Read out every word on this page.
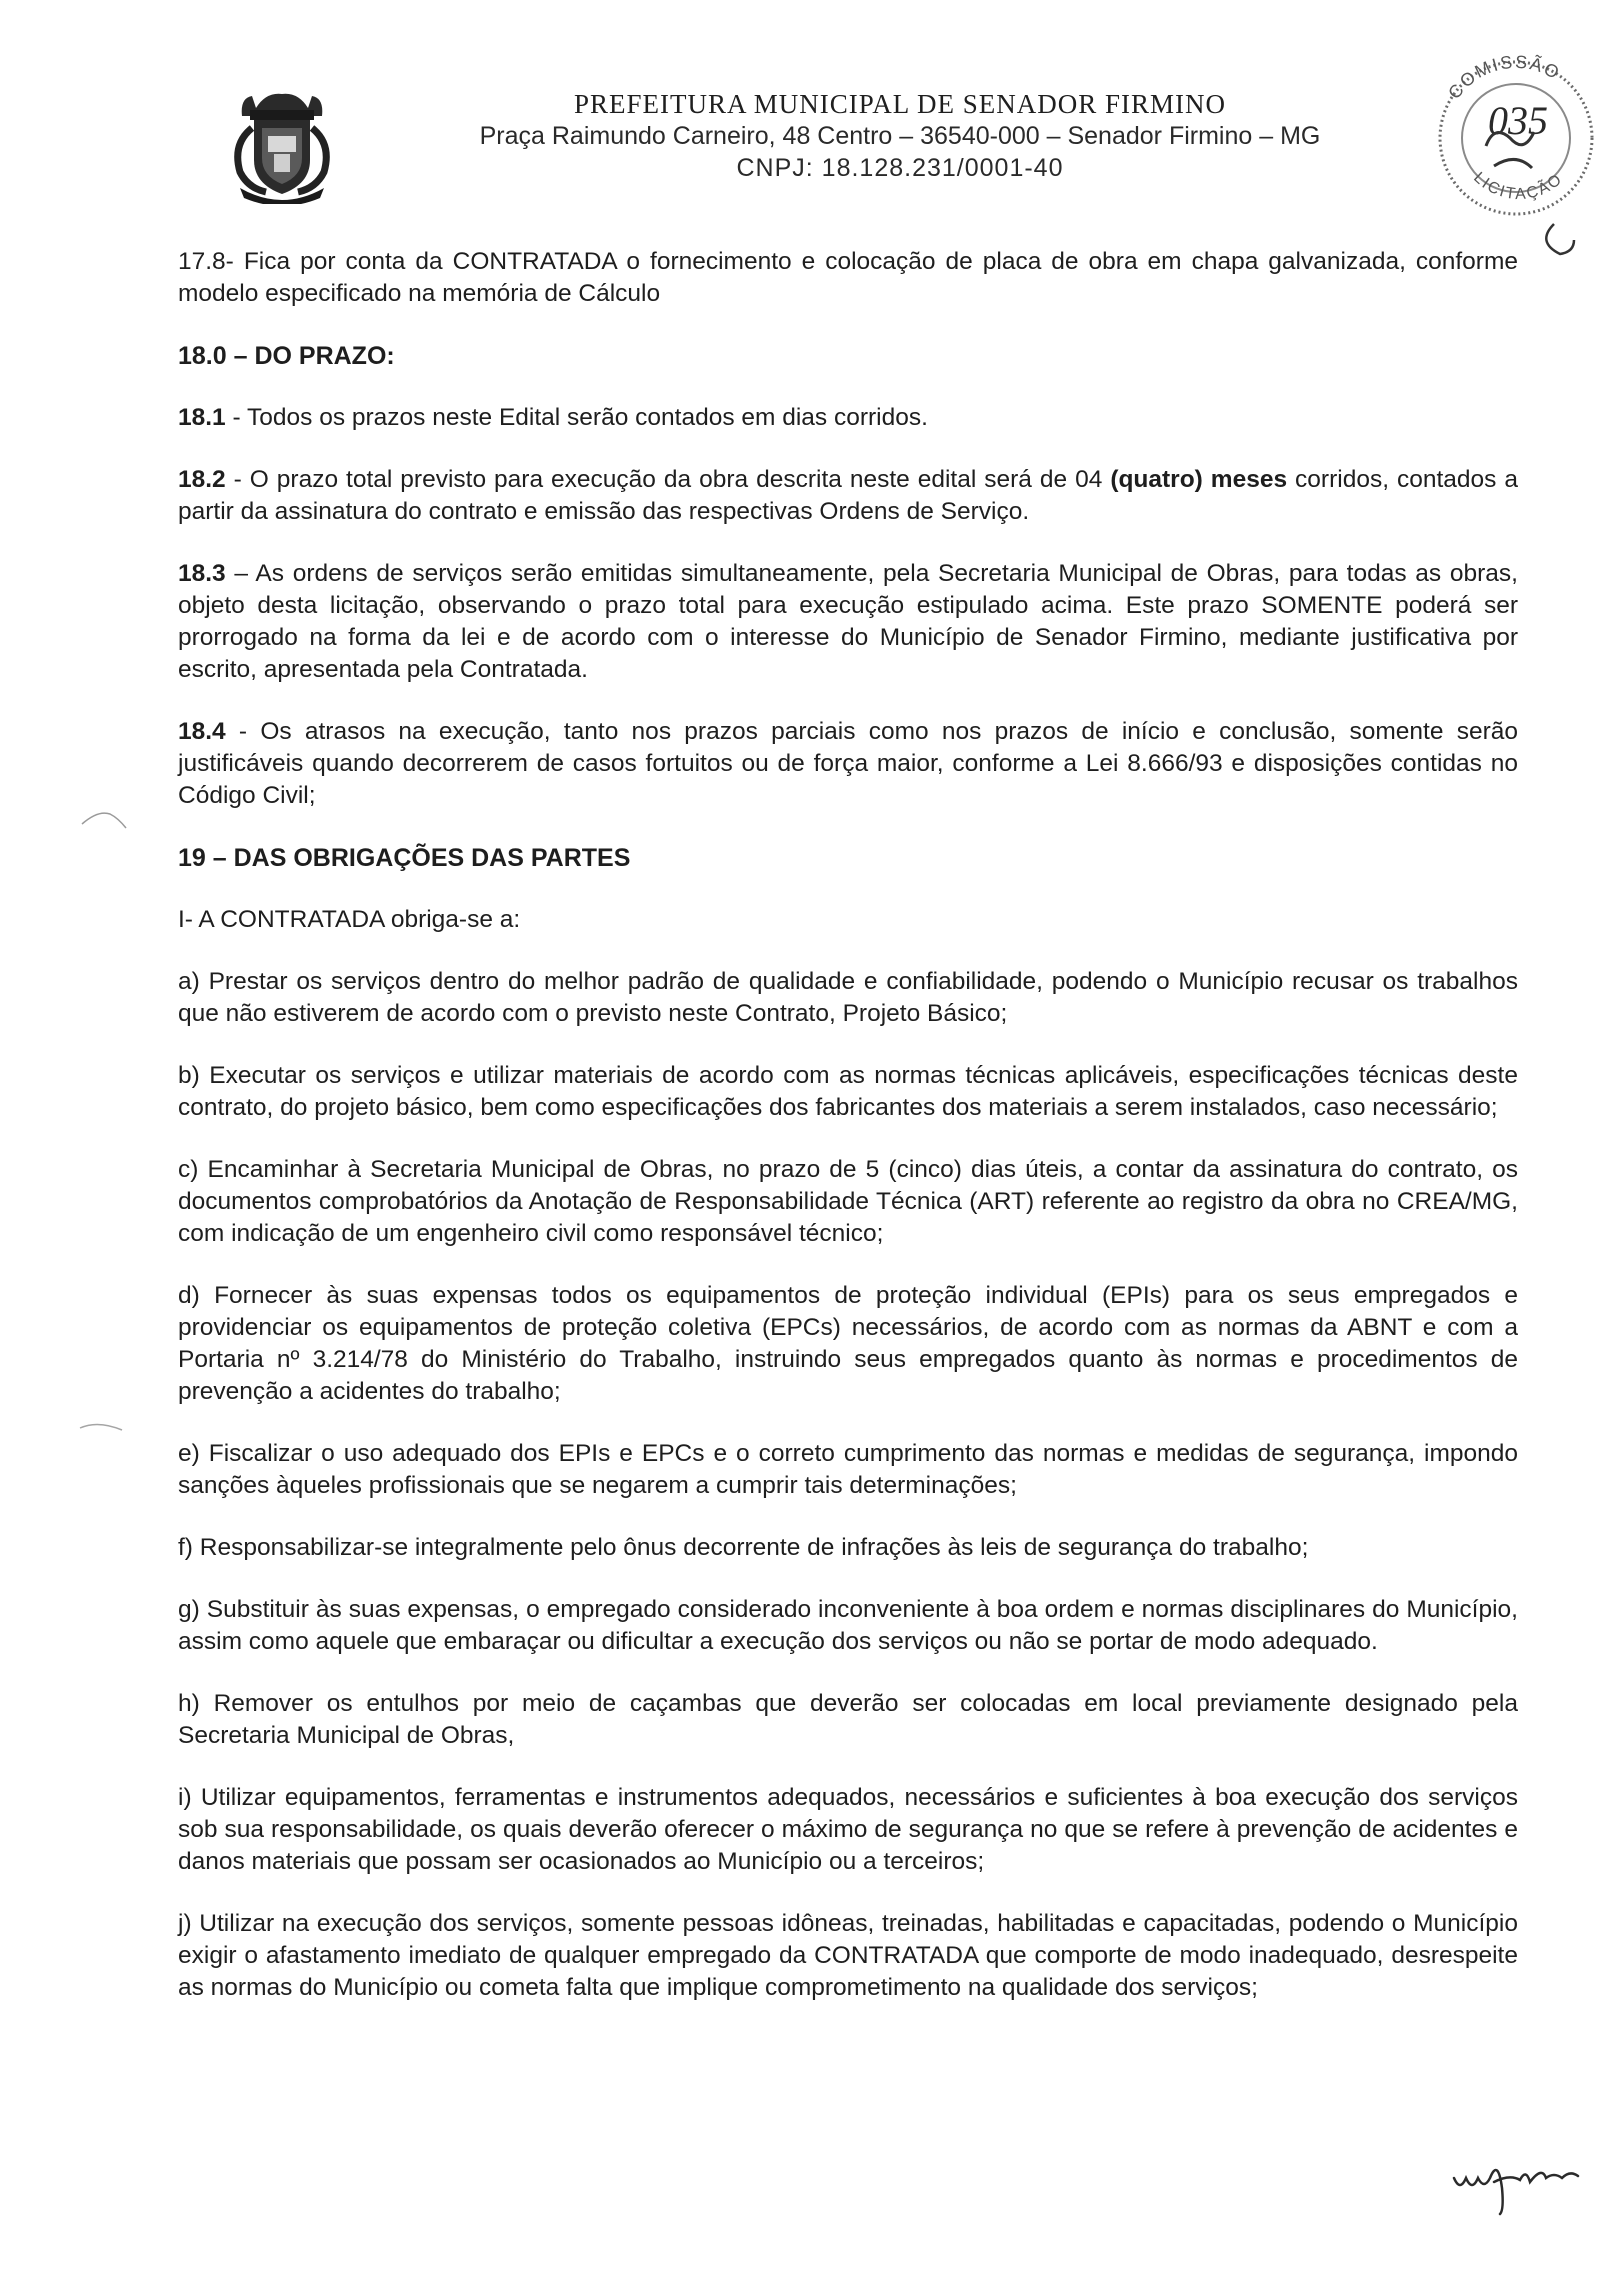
PREFEITURA MUNICIPAL DE SENADOR FIRMINO
Praça Raimundo Carneiro, 48 Centro – 36540-000 – Senador Firmino – MG
CNPJ: 18.128.231/0001-40
COMISSÃO
LICITAÇÃO
035

17.8- Fica por conta da CONTRATADA o fornecimento e colocação de placa de obra em chapa galvanizada, conforme modelo especificado na memória de Cálculo

18.0 – DO PRAZO:

18.1 - Todos os prazos neste Edital serão contados em dias corridos.

18.2 - O prazo total previsto para execução da obra descrita neste edital será de 04 (quatro) meses corridos, contados a partir da assinatura do contrato e emissão das respectivas Ordens de Serviço.

18.3 – As ordens de serviços serão emitidas simultaneamente, pela Secretaria Municipal de Obras, para todas as obras, objeto desta licitação, observando o prazo total para execução estipulado acima. Este prazo SOMENTE poderá ser prorrogado na forma da lei e de acordo com o interesse do Município de Senador Firmino, mediante justificativa por escrito, apresentada pela Contratada.

18.4 - Os atrasos na execução, tanto nos prazos parciais como nos prazos de início e conclusão, somente serão justificáveis quando decorrerem de casos fortuitos ou de força maior, conforme a Lei 8.666/93 e disposições contidas no Código Civil;

19 – DAS OBRIGAÇÕES DAS PARTES

I- A CONTRATADA obriga-se a:

a) Prestar os serviços dentro do melhor padrão de qualidade e confiabilidade, podendo o Município recusar os trabalhos que não estiverem de acordo com o previsto neste Contrato, Projeto Básico;

b) Executar os serviços e utilizar materiais de acordo com as normas técnicas aplicáveis, especificações técnicas deste contrato, do projeto básico, bem como especificações dos fabricantes dos materiais a serem instalados, caso necessário;

c) Encaminhar à Secretaria Municipal de Obras, no prazo de 5 (cinco) dias úteis, a contar da assinatura do contrato, os documentos comprobatórios da Anotação de Responsabilidade Técnica (ART) referente ao registro da obra no CREA/MG, com indicação de um engenheiro civil como responsável técnico;

d) Fornecer às suas expensas todos os equipamentos de proteção individual (EPIs) para os seus empregados e providenciar os equipamentos de proteção coletiva (EPCs) necessários, de acordo com as normas da ABNT e com a Portaria nº 3.214/78 do Ministério do Trabalho, instruindo seus empregados quanto às normas e procedimentos de prevenção a acidentes do trabalho;

e) Fiscalizar o uso adequado dos EPIs e EPCs e o correto cumprimento das normas e medidas de segurança, impondo sanções àqueles profissionais que se negarem a cumprir tais determinações;

f) Responsabilizar-se integralmente pelo ônus decorrente de infrações às leis de segurança do trabalho;

g) Substituir às suas expensas, o empregado considerado inconveniente à boa ordem e normas disciplinares do Município, assim como aquele que embaraçar ou dificultar a execução dos serviços ou não se portar de modo adequado.

h) Remover os entulhos por meio de caçambas que deverão ser colocadas em local previamente designado pela Secretaria Municipal de Obras,

i) Utilizar equipamentos, ferramentas e instrumentos adequados, necessários e suficientes à boa execução dos serviços sob sua responsabilidade, os quais deverão oferecer o máximo de segurança no que se refere à prevenção de acidentes e danos materiais que possam ser ocasionados ao Município ou a terceiros;

j) Utilizar na execução dos serviços, somente pessoas idôneas, treinadas, habilitadas e capacitadas, podendo o Município exigir o afastamento imediato de qualquer empregado da CONTRATADA que comporte de modo inadequado, desrespeite as normas do Município ou cometa falta que implique comprometimento na qualidade dos serviços;
